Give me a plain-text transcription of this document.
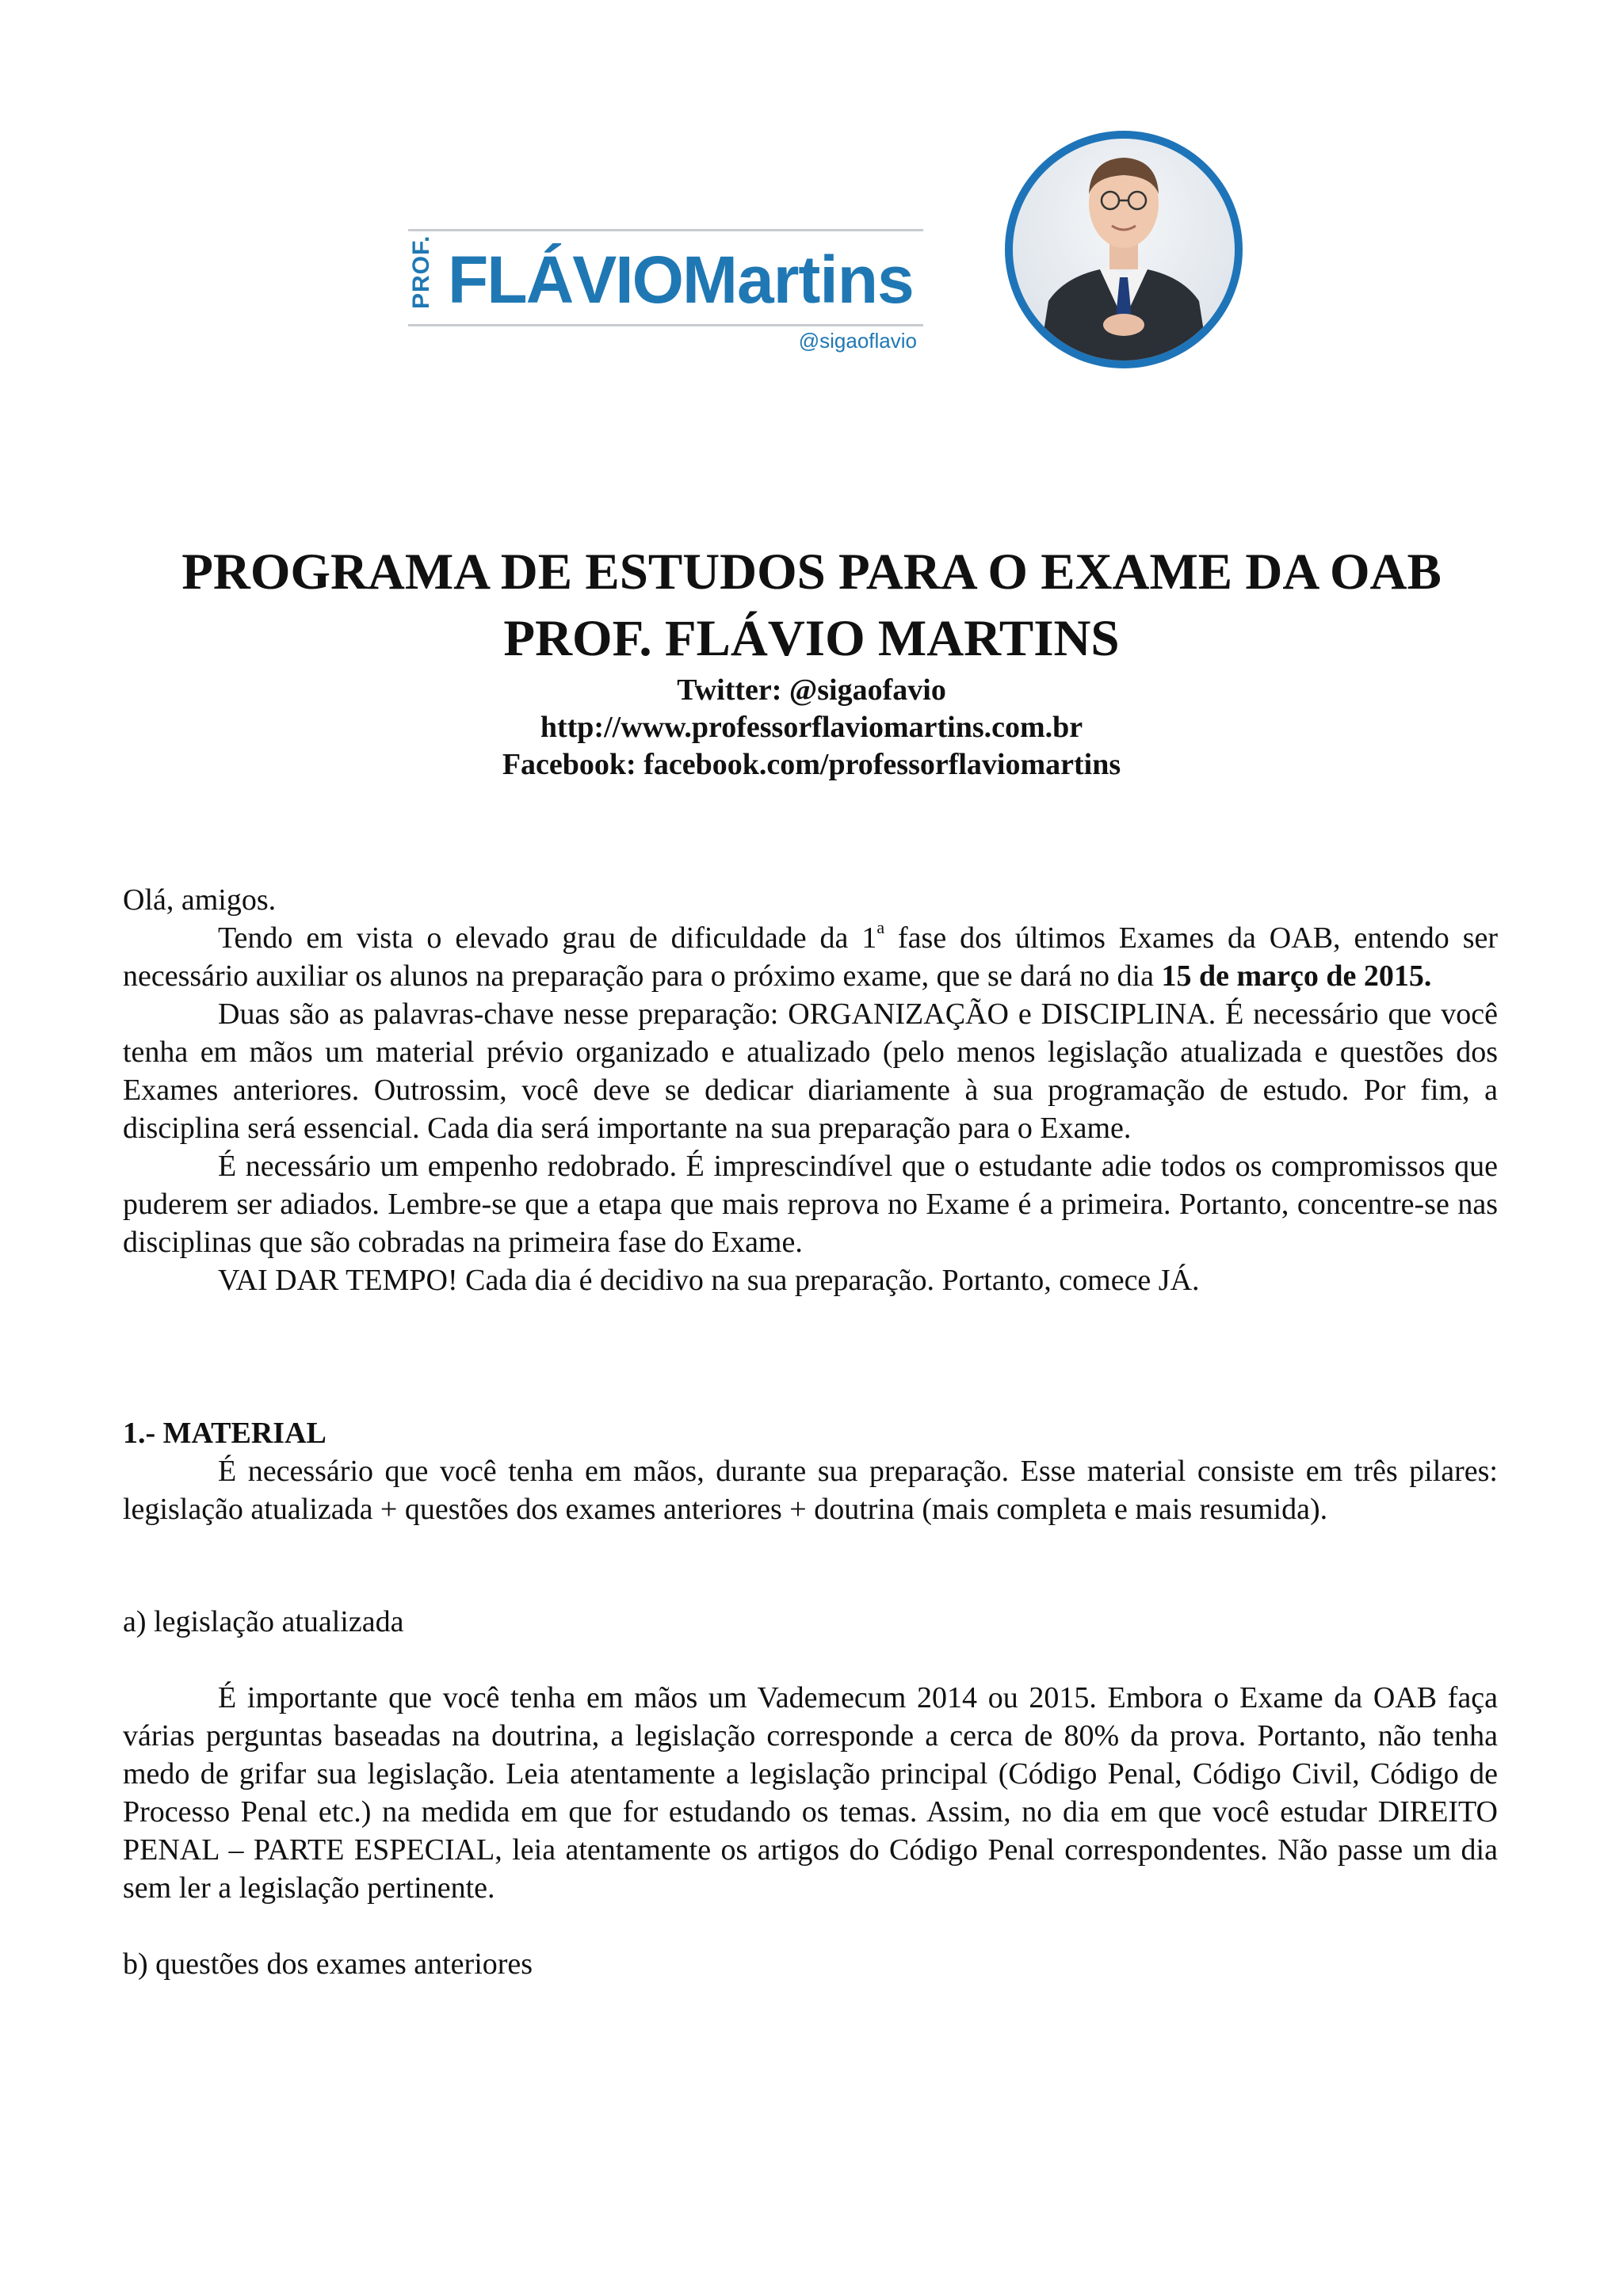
PROF. FLÁVIOMartins
@sigaoflavio
PROGRAMA DE ESTUDOS PARA O EXAME DA OAB
PROF. FLÁVIO MARTINS
Twitter: @sigaofavio
http://www.professorflaviomartins.com.br
Facebook: facebook.com/professorflaviomartins

Olá, amigos.

Tendo em vista o elevado grau de dificuldade da 1$^a$ fase dos últimos Exames da OAB, entendo ser necessário auxiliar os alunos na preparação para o próximo exame, que se dará no dia 15 de março de 2015.

Duas são as palavras-chave nesse preparação: ORGANIZAÇÃO e DISCIPLINA. É necessário que você tenha em mãos um material prévio organizado e atualizado (pelo menos legislação atualizada e questões dos Exames anteriores. Outrossim, você deve se dedicar diariamente à sua programação de estudo. Por fim, a disciplina será essencial. Cada dia será importante na sua preparação para o Exame.

É necessário um empenho redobrado. É imprescindível que o estudante adie todos os compromissos que puderem ser adiados. Lembre-se que a etapa que mais reprova no Exame é a primeira. Portanto, concentre-se nas disciplinas que são cobradas na primeira fase do Exame.

VAI DAR TEMPO! Cada dia é decidivo na sua preparação. Portanto, comece JÁ.

1.- MATERIAL

É necessário que você tenha em mãos, durante sua preparação. Esse material consiste em três pilares: legislação atualizada + questões dos exames anteriores + doutrina (mais completa e mais resumida).

a) legislação atualizada

É importante que você tenha em mãos um Vademecum 2014 ou 2015. Embora o Exame da OAB faça várias perguntas baseadas na doutrina, a legislação corresponde a cerca de 80% da prova. Portanto, não tenha medo de grifar sua legislação. Leia atentamente a legislação principal (Código Penal, Código Civil, Código de Processo Penal etc.) na medida em que for estudando os temas. Assim, no dia em que você estudar DIREITO PENAL – PARTE ESPECIAL, leia atentamente os artigos do Código Penal correspondentes. Não passe um dia sem ler a legislação pertinente.

b) questões dos exames anteriores
